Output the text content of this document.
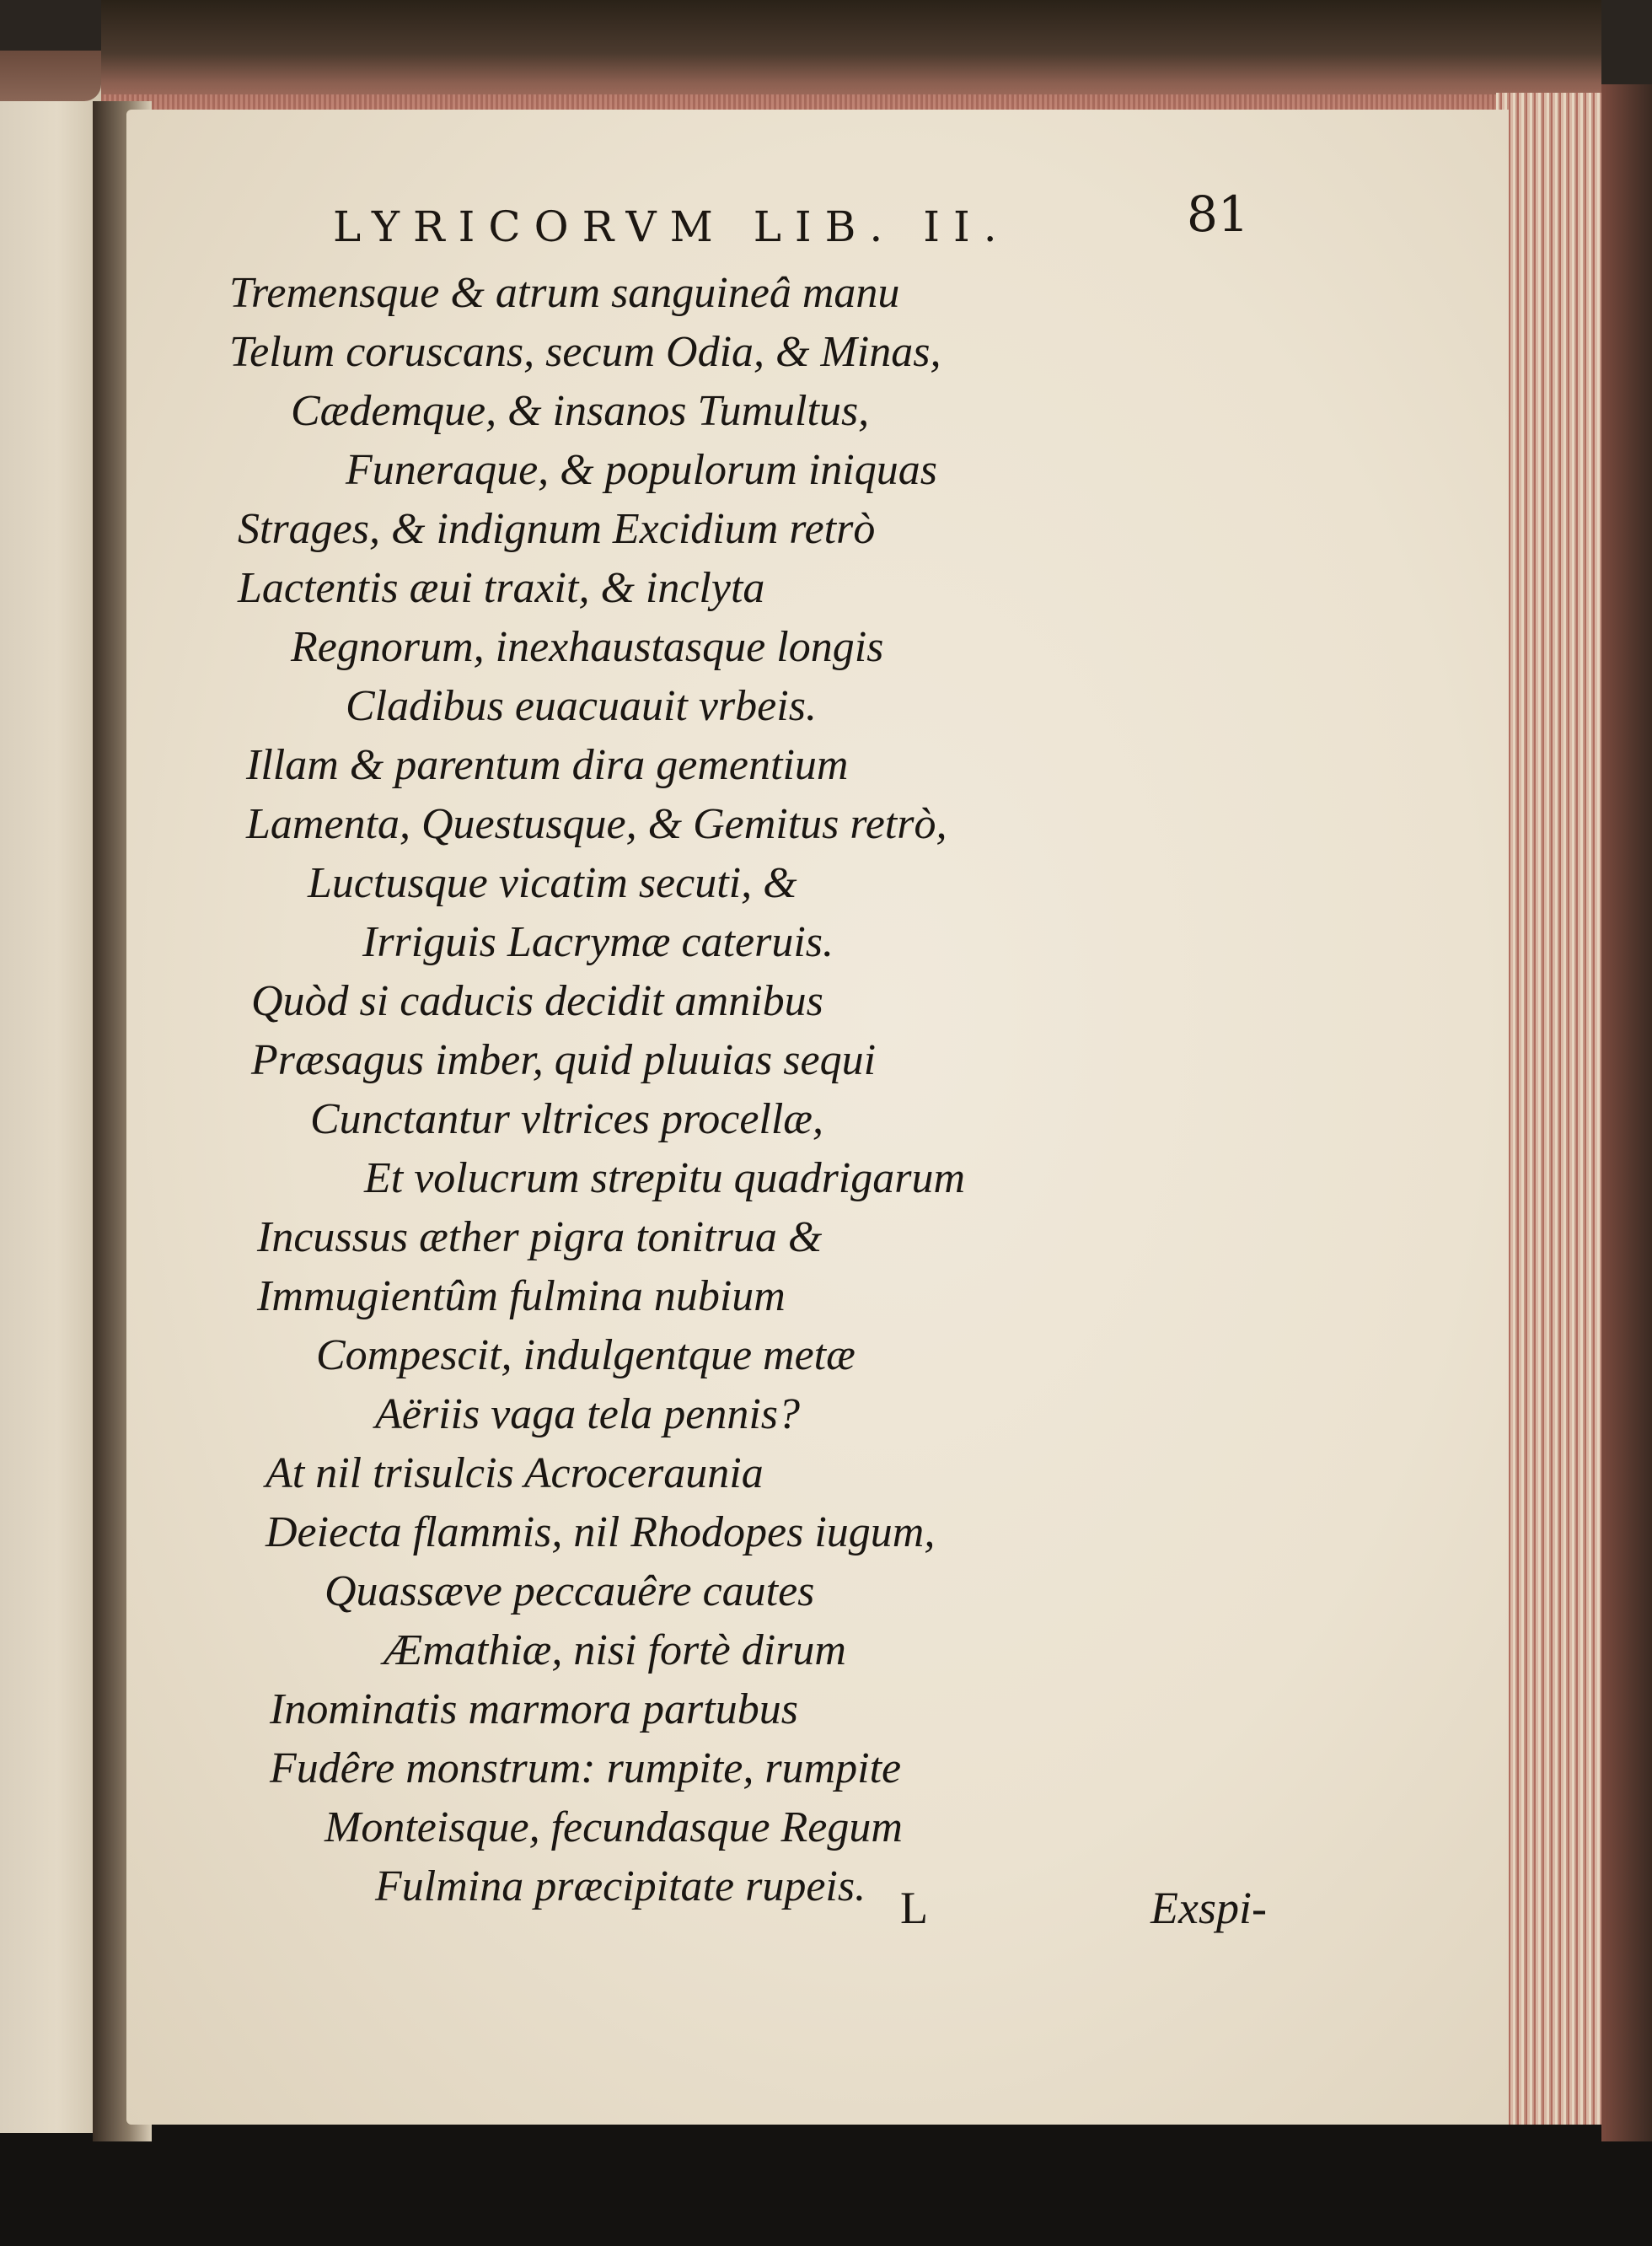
LYRICORVM LIB. II.	81
Tremensque & atrum sanguineâ manu
Telum coruscans, secum Odia, & Minas,
Cædemque, & insanos Tumultus,
Funeraque, & populorum iniquas
Strages, & indignum Excidium retrò
Lactentis æui traxit, & inclyta
Regnorum, inexhaustasque longis
Cladibus euacuauit vrbeis.
Illam & parentum dira gementium
Lamenta, Questusque, & Gemitus retrò,
Luctusque vicatim secuti, &
Irriguis Lacrymæ cateruis.
Quòd si caducis decidit amnibus
Præsagus imber, quid pluuias sequi
Cunctantur vltrices procellæ,
Et volucrum strepitu quadrigarum
Incussus æther pigra tonitrua &
Immugientûm fulmina nubium
Compescit, indulgentque metæ
Aëriis vaga tela pennis?
At nil trisulcis Acroceraunia
Deiecta flammis, nil Rhodopes iugum,
Quassæve peccauêre cautes
Æmathiæ, nisi fortè dirum
Inominatis marmora partubus
Fudêre monstrum: rumpite, rumpite
Monteisque, fecundasque Regum
Fulmina præcipitate rupeis. L	Exspi-
